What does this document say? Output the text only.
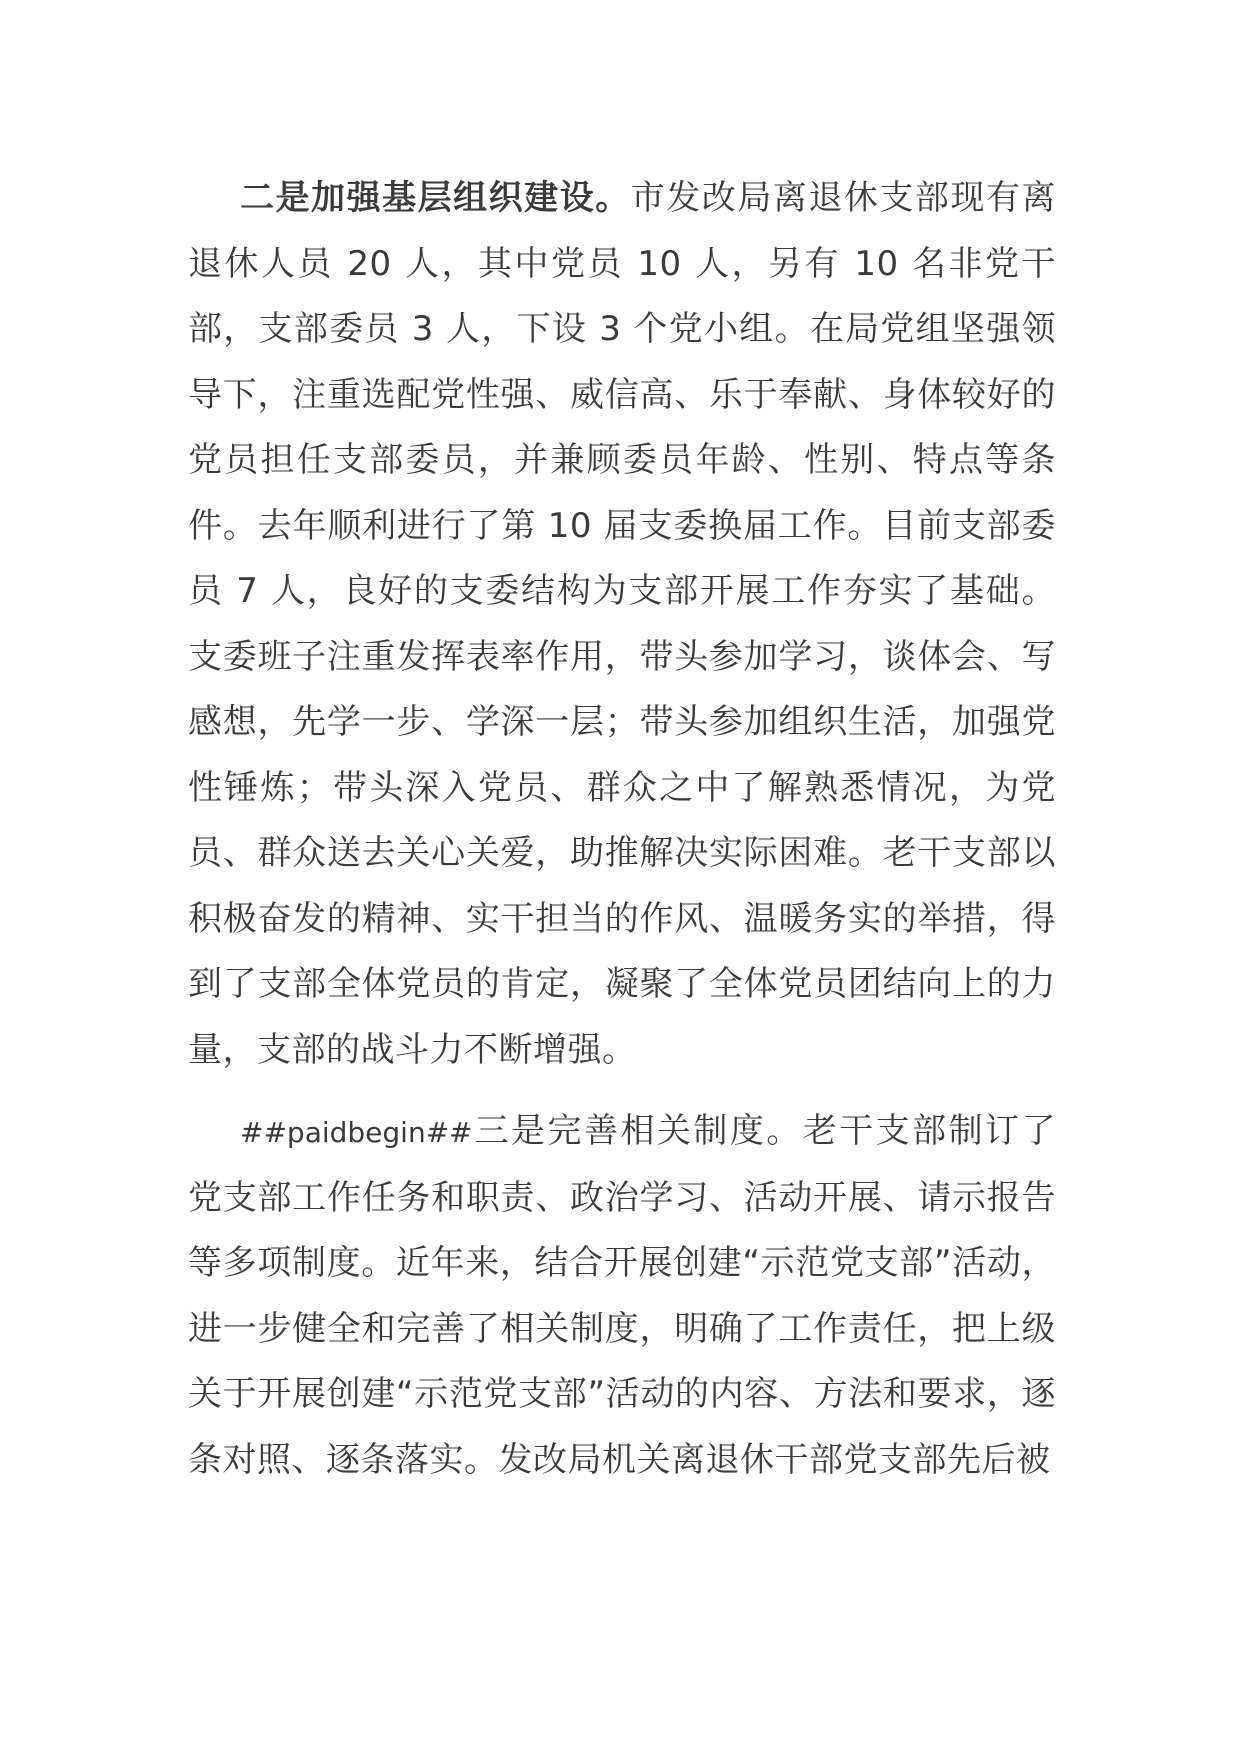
二是加强基层组织建设。市发改局离退休支部现有离退休人员 20 人，其中党员 10 人，另有 10 名非党干部，支部委员 3 人，下设 3 个党小组。在局党组坚强领导下，注重选配党性强、威信高、乐于奉献、身体较好的党员担任支部委员，并兼顾委员年龄、性别、特点等条件。去年顺利进行了第 10 届支委换届工作。目前支部委员 7 人，良好的支委结构为支部开展工作夯实了基础。支委班子注重发挥表率作用，带头参加学习，谈体会、写感想，先学一步、学深一层；带头参加组织生活，加强党性锤炼；带头深入党员、群众之中了解熟悉情况，为党员、群众送去关心关爱，助推解决实际困难。老干支部以积极奋发的精神、实干担当的作风、温暖务实的举措，得到了支部全体党员的肯定，凝聚了全体党员团结向上的力量，支部的战斗力不断增强。

##paidbegin##三是完善相关制度。老干支部制订了党支部工作任务和职责、政治学习、活动开展、请示报告等多项制度。近年来，结合开展创建“示范党支部”活动，进一步健全和完善了相关制度，明确了工作责任，把上级关于开展创建“示范党支部”活动的内容、方法和要求，逐条对照、逐条落实。发改局机关离退休干部党支部先后被
